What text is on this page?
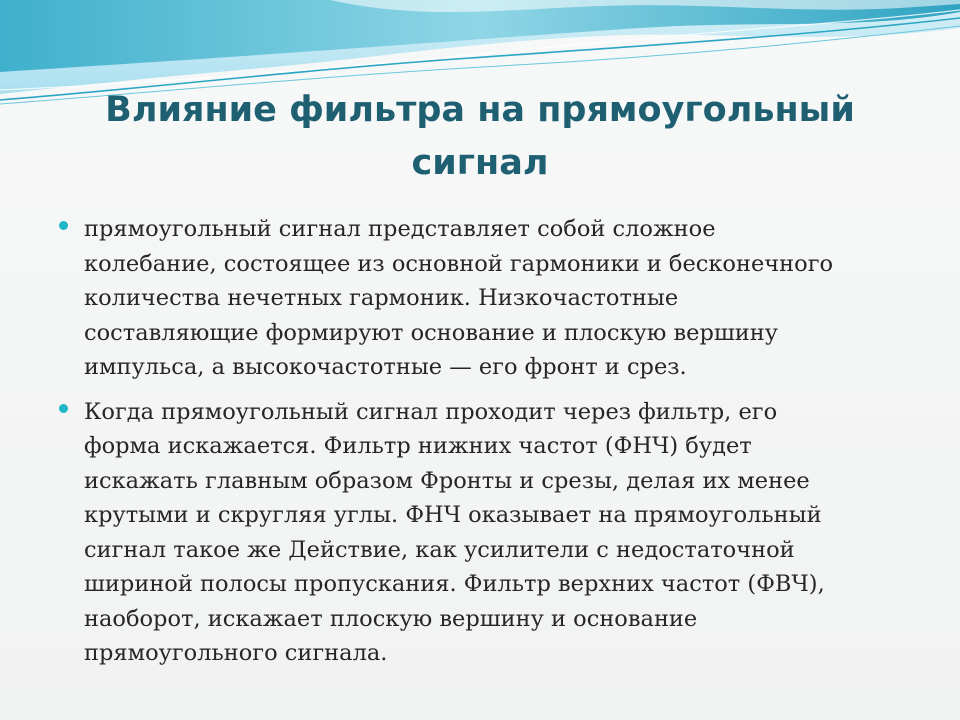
Влияние фильтра на прямоугольный сигнал
прямоугольный сигнал представляет собой сложное
колебание, состоящее из основной гармоники и бесконечного
количества нечетных гармоник. Низкочастотные
составляющие формируют основание и плоскую вершину
импульса, а высокочастотные — его фронт и срез.
Когда прямоугольный сигнал проходит через фильтр, его
форма искажается. Фильтр нижних частот (ФНЧ) будет
искажать главным образом Фронты и срезы, делая их менее
крутыми и скругляя углы. ФНЧ оказывает на прямоугольный
сигнал такое же Действие, как усилители с недостаточной
шириной полосы пропускания. Фильтр верхних частот (ФВЧ),
наоборот, искажает плоскую вершину и основание
прямоугольного сигнала.
